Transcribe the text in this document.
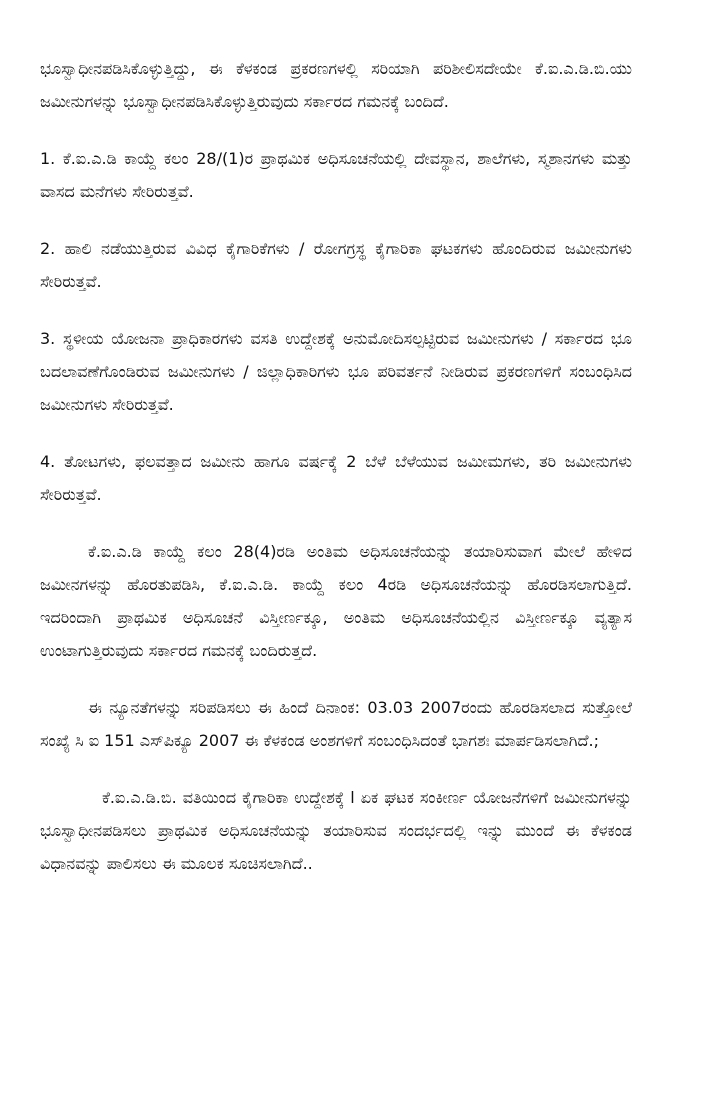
ಭೂಸ್ವಾಧೀನಪಡಿಸಿಕೊಳ್ಳುತ್ತಿದ್ದು, ಈ ಕೆಳಕಂಡ ಪ್ರಕರಣಗಳಲ್ಲಿ ಸರಿಯಾಗಿ ಪರಿಶೀಲಿಸದೇಯೇ ಕೆ.ಐ.ಎ.ಡಿ.ಬಿ.ಯು ಜಮೀನುಗಳನ್ನು ಭೂಸ್ವಾಧೀನಪಡಿಸಿಕೊಳ್ಳುತ್ತಿರುವುದು ಸರ್ಕಾರದ ಗಮನಕ್ಕೆ ಬಂದಿದೆ.

1. ಕೆ.ಐ.ಎ.ಡಿ ಕಾಯ್ದೆ ಕಲಂ 28/(1)ರ ಪ್ರಾಥಮಿಕ ಅಧಿಸೂಚನೆಯಲ್ಲಿ ದೇವಸ್ಥಾನ, ಶಾಲೆಗಳು, ಸ್ಮಶಾನಗಳು ಮತ್ತು ವಾಸದ ಮನೆಗಳು ಸೇರಿರುತ್ತವೆ.

2. ಹಾಲಿ ನಡೆಯುತ್ತಿರುವ ವಿವಿಧ ಕೈಗಾರಿಕೆಗಳು / ರೋಗಗ್ರಸ್ಥ ಕೈಗಾರಿಕಾ ಘಟಕಗಳು ಹೊಂದಿರುವ ಜಮೀನುಗಳು ಸೇರಿರುತ್ತವೆ.

3. ಸ್ಥಳೀಯ ಯೋಜನಾ ಪ್ರಾಧಿಕಾರಗಳು ವಸತಿ ಉದ್ದೇಶಕ್ಕೆ ಅನುಮೋದಿಸಲ್ಪಟ್ಟಿರುವ ಜಮೀನುಗಳು / ಸರ್ಕಾರದ ಭೂ ಬದಲಾವಣೆಗೊಂಡಿರುವ ಜಮೀನುಗಳು / ಜಿಲ್ಲಾಧಿಕಾರಿಗಳು ಭೂ ಪರಿವರ್ತನೆ ನೀಡಿರುವ ಪ್ರಕರಣಗಳಿಗೆ ಸಂಬಂಧಿಸಿದ ಜಮೀನುಗಳು ಸೇರಿರುತ್ತವೆ.

4. ತೋಟಗಳು, ಫಲವತ್ತಾದ ಜಮೀನು ಹಾಗೂ ವರ್ಷಕ್ಕೆ 2 ಬೆಳೆ ಬೆಳೆಯುವ ಜಮೀಮಗಳು, ತರಿ ಜಮೀನುಗಳು ಸೇರಿರುತ್ತವೆ.

ಕೆ.ಐ.ಎ.ಡಿ ಕಾಯ್ದೆ ಕಲಂ 28(4)ರಡಿ ಅಂತಿಮ ಅಧಿಸೂಚನೆಯನ್ನು ತಯಾರಿಸುವಾಗ ಮೇಲೆ ಹೇಳಿದ ಜಮೀನಗಳನ್ನು ಹೊರತುಪಡಿಸಿ, ಕೆ.ಐ.ಎ.ಡಿ. ಕಾಯ್ದೆ ಕಲಂ 4ರಡಿ ಅಧಿಸೂಚನೆಯನ್ನು ಹೊರಡಿಸಲಾಗುತ್ತಿದೆ. ಇದರಿಂದಾಗಿ ಪ್ರಾಥಮಿಕ ಅಧಿಸೂಚನೆ ವಿಸ್ತೀರ್ಣಕ್ಕೂ, ಅಂತಿಮ ಅಧಿಸೂಚನೆಯಲ್ಲಿನ ವಿಸ್ತೀರ್ಣಕ್ಕೂ ವ್ಯತ್ಯಾಸ ಉಂಟಾಗುತ್ತಿರುವುದು ಸರ್ಕಾರದ ಗಮನಕ್ಕೆ ಬಂದಿರುತ್ತದೆ.

ಈ ನ್ಯೂನತೆಗಳನ್ನು ಸರಿಪಡಿಸಲು ಈ ಹಿಂದೆ ದಿನಾಂಕ: 03.03 2007ರಂದು ಹೊರಡಿಸಲಾದ ಸುತ್ತೋಲೆ ಸಂಖ್ಯೆ ಸಿ ಐ 151 ಎಸ್‌ಪಿಕ್ಯೂ 2007 ಈ ಕೆಳಕಂಡ ಅಂಶಗಳಿಗೆ ಸಂಬಂಧಿಸಿದಂತೆ ಭಾಗಶಃ ಮಾರ್ಪಡಿಸಲಾಗಿದೆ.;

ಕೆ.ಐ.ಎ.ಡಿ.ಬಿ. ವತಿಯಿಂದ ಕೈಗಾರಿಕಾ ಉದ್ದೇಶಕ್ಕೆ l ಏಕ ಘಟಕ ಸಂಕೀರ್ಣ ಯೋಜನೆಗಳಿಗೆ ಜಮೀನುಗಳನ್ನು ಭೂಸ್ವಾಧೀನಪಡಿಸಲು ಪ್ರಾಥಮಿಕ ಅಧಿಸೂಚನೆಯನ್ನು ತಯಾರಿಸುವ ಸಂದರ್ಭದಲ್ಲಿ ಇನ್ನು ಮುಂದೆ ಈ ಕೆಳಕಂಡ ವಿಧಾನವನ್ನು ಪಾಲಿಸಲು ಈ ಮೂಲಕ ಸೂಚಿಸಲಾಗಿದೆ..
